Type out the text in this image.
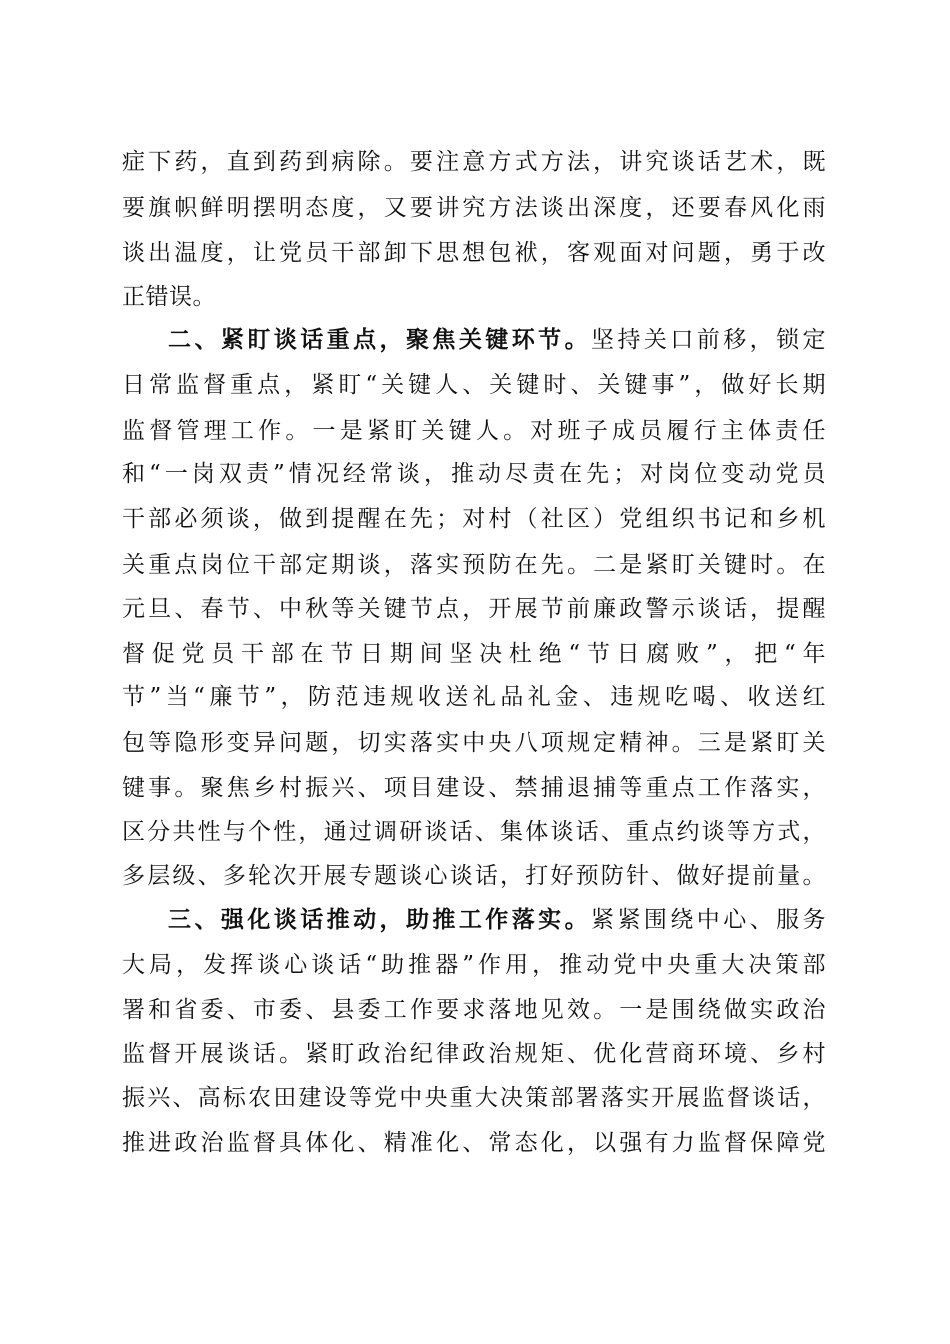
症下药，直到药到病除。要注意方式方法，讲究谈话艺术，既
要旗帜鲜明摆明态度，又要讲究方法谈出深度，还要春风化雨
谈出温度，让党员干部卸下思想包袱，客观面对问题，勇于改
正错误。
二、紧盯谈话重点，聚焦关键环节。坚持关口前移，锁定
日常监督重点，紧盯“关键人、关键时、关键事”，做好长期
监督管理工作。一是紧盯关键人。对班子成员履行主体责任
和“一岗双责”情况经常谈，推动尽责在先；对岗位变动党员
干部必须谈，做到提醒在先；对村（社区）党组织书记和乡机
关重点岗位干部定期谈，落实预防在先。二是紧盯关键时。在
元旦、春节、中秋等关键节点，开展节前廉政警示谈话，提醒
督促党员干部在节日期间坚决杜绝“节日腐败”，把“年
节”当“廉节”，防范违规收送礼品礼金、违规吃喝、收送红
包等隐形变异问题，切实落实中央八项规定精神。三是紧盯关
键事。聚焦乡村振兴、项目建设、禁捕退捕等重点工作落实，
区分共性与个性，通过调研谈话、集体谈话、重点约谈等方式，
多层级、多轮次开展专题谈心谈话，打好预防针、做好提前量。
三、强化谈话推动，助推工作落实。紧紧围绕中心、服务
大局，发挥谈心谈话“助推器”作用，推动党中央重大决策部
署和省委、市委、县委工作要求落地见效。一是围绕做实政治
监督开展谈话。紧盯政治纪律政治规矩、优化营商环境、乡村
振兴、高标农田建设等党中央重大决策部署落实开展监督谈话，
推进政治监督具体化、精准化、常态化，以强有力监督保障党
